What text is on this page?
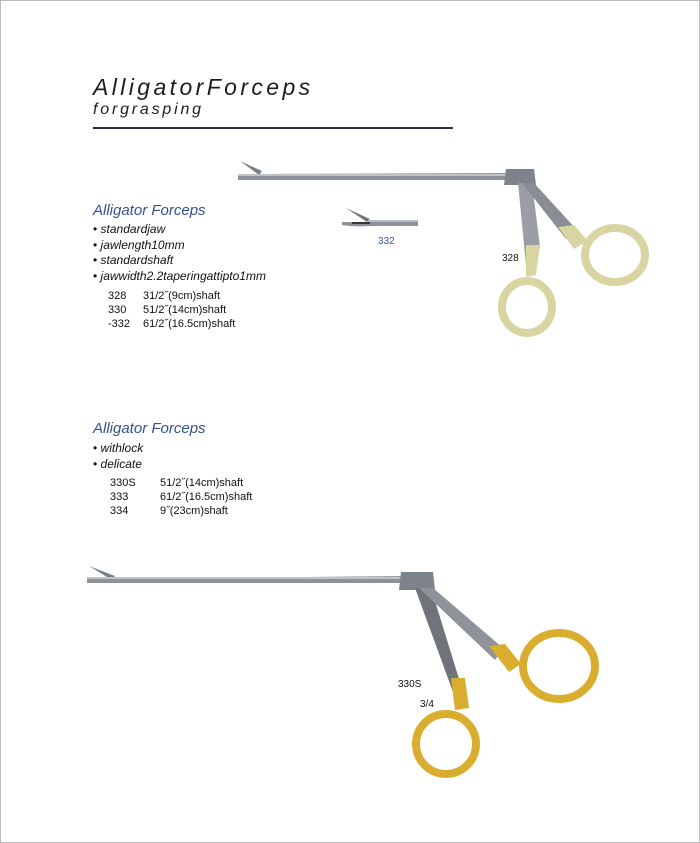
AlligatorForceps
forgrasping
Alligator Forceps
• standardjaw
• jawlength10mm
• standardshaft
• jawwidth2.2taperingattipto1mm
328	31/2˝(9cm)shaft
330	51/2˝(14cm)shaft
-332	61/2˝(16.5cm)shaft
332
328
Alligator Forceps
• withlock
• delicate
330S	51/2˝(14cm)shaft
333	61/2˝(16.5cm)shaft
334	9˝(23cm)shaft
330S
3/4
